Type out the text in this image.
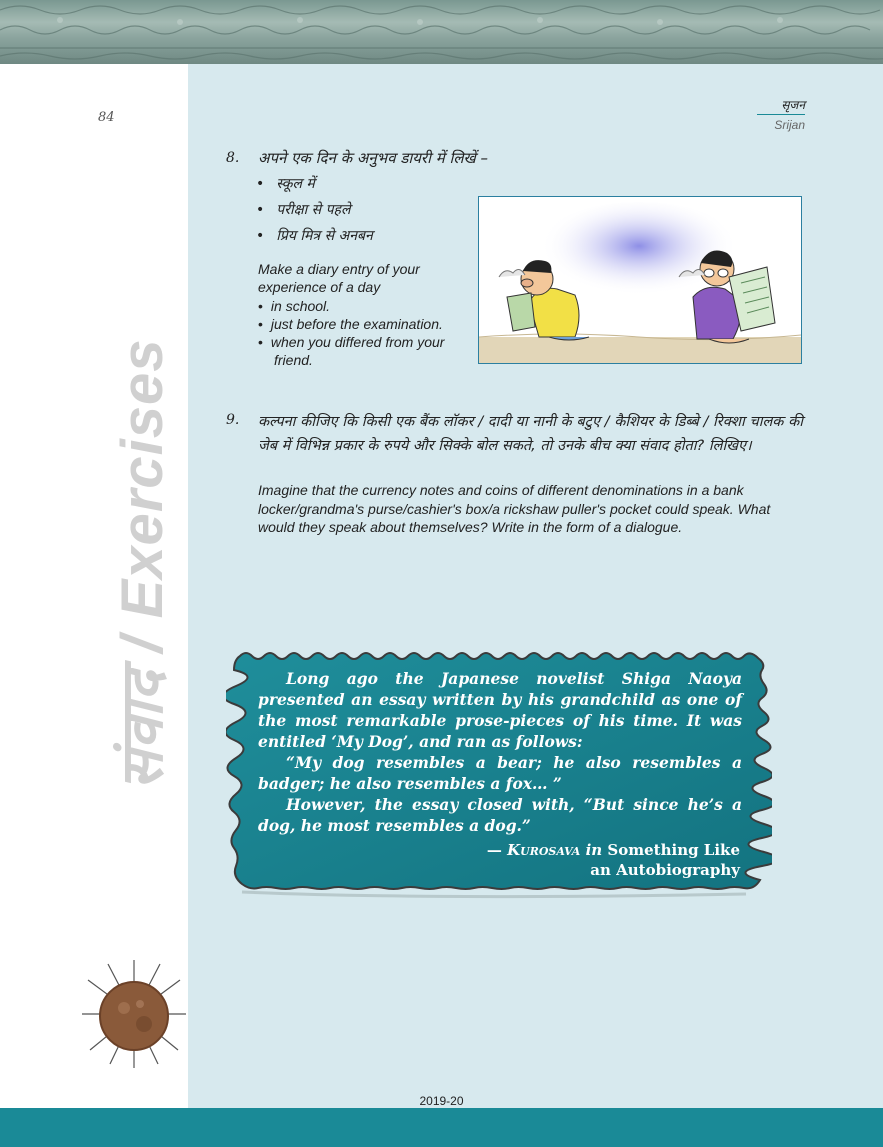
84
संवाद / Exercises
सृजन
Srijan
8. अपने एक दिन के अनुभव डायरी में लिखें –
• स्कूल में
• परीक्षा से पहले
• प्रिय मित्र से अनबन
Make a diary entry of your experience of a day
• in school.
• just before the examination.
• when you differed from your friend.
9. कल्पना कीजिए कि किसी एक बैंक लॉकर / दादी या नानी के बटुए / कैशियर के डिब्बे / रिक्शा चालक की जेब में विभिन्न प्रकार के रुपये और सिक्के बोल सकते, तो उनके बीच क्या संवाद होता? लिखिए।
Imagine that the currency notes and coins of different denominations in a bank locker/grandma's purse/cashier's box/a rickshaw puller's pocket could speak. What would they speak about themselves? Write in the form of a dialogue.

Long ago the Japanese novelist Shiga Naoya presented an essay written by his grandchild as one of the most remarkable prose-pieces of his time. It was entitled ‘My Dog’, and ran as follows:

“My dog resembles a bear; he also resembles a badger; he also resembles a fox… ”

However, the essay closed with, “But since he’s a dog, he most resembles a dog.”

— Kurosava in Something Like
an Autobiography
2019-20
